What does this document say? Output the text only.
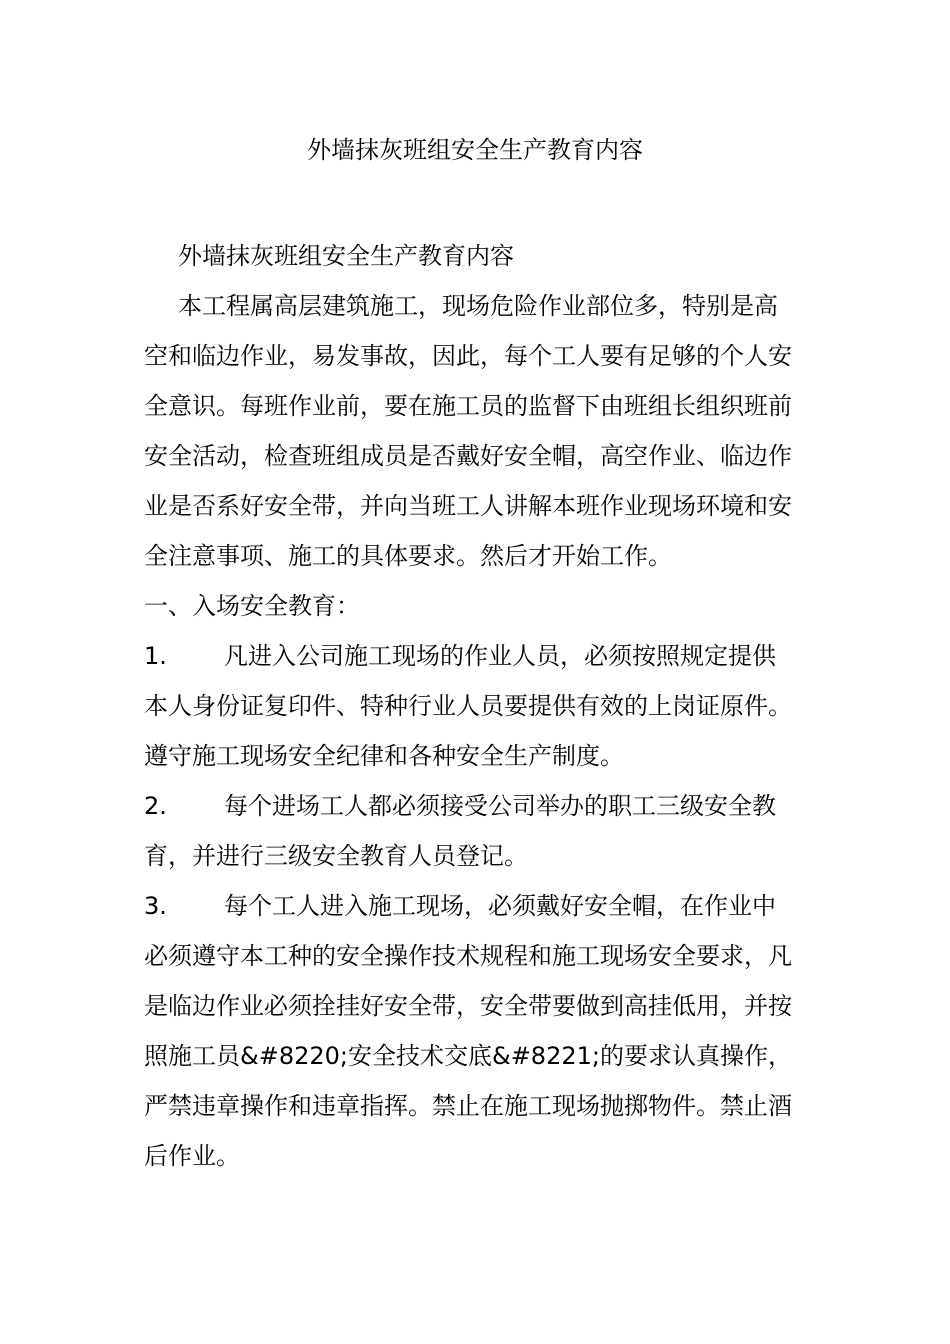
外墙抹灰班组安全生产教育内容
外墙抹灰班组安全生产教育内容

本工程属高层建筑施工，现场危险作业部位多，特别是高空和临边作业，易发事故，因此，每个工人要有足够的个人安全意识。每班作业前，要在施工员的监督下由班组长组织班前安全活动，检查班组成员是否戴好安全帽，高空作业、临边作业是否系好安全带，并向当班工人讲解本班作业现场环境和安全注意事项、施工的具体要求。然后才开始工作。

一、入场安全教育：

1. 凡进入公司施工现场的作业人员，必须按照规定提供本人身份证复印件、特种行业人员要提供有效的上岗证原件。遵守施工现场安全纪律和各种安全生产制度。

2. 每个进场工人都必须接受公司举办的职工三级安全教育，并进行三级安全教育人员登记。

3. 每个工人进入施工现场，必须戴好安全帽，在作业中必须遵守本工种的安全操作技术规程和施工现场安全要求，凡是临边作业必须拴挂好安全带，安全带要做到高挂低用，并按照施工员&#8220;安全技术交底&#8221;的要求认真操作，严禁违章操作和违章指挥。禁止在施工现场抛掷物件。禁止酒后作业。
